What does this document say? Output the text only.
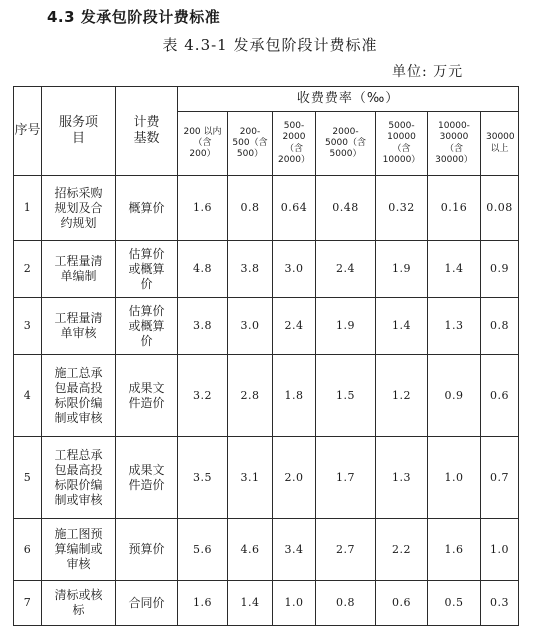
4.3 发承包阶段计费标准
表 4.3-1 发承包阶段计费标准
单位: 万元
序号	服务项目	计费基数	收费费率（‰）						
			200 以内（含 200）	200-500（含 500）	500-2000（含 2000）	2000-5000（含 5000）	5000-10000（含 10000）	10000-30000（含 30000）	30000 以上
1	招标采购规划及合约规划	概算价	1.6	0.8	0.64	0.48	0.32	0.16	0.08
2	工程量清单编制	估算价或概算价	4.8	3.8	3.0	2.4	1.9	1.4	0.9
3	工程量清单审核	估算价或概算价	3.8	3.0	2.4	1.9	1.4	1.3	0.8
4	施工总承包最高投标限价编制或审核	成果文件造价	3.2	2.8	1.8	1.5	1.2	0.9	0.6
5	工程总承包最高投标限价编制或审核	成果文件造价	3.5	3.1	2.0	1.7	1.3	1.0	0.7
6	施工图预算编制或审核	预算价	5.6	4.6	3.4	2.7	2.2	1.6	1.0
7	清标或核标	合同价	1.6	1.4	1.0	0.8	0.6	0.5	0.3
